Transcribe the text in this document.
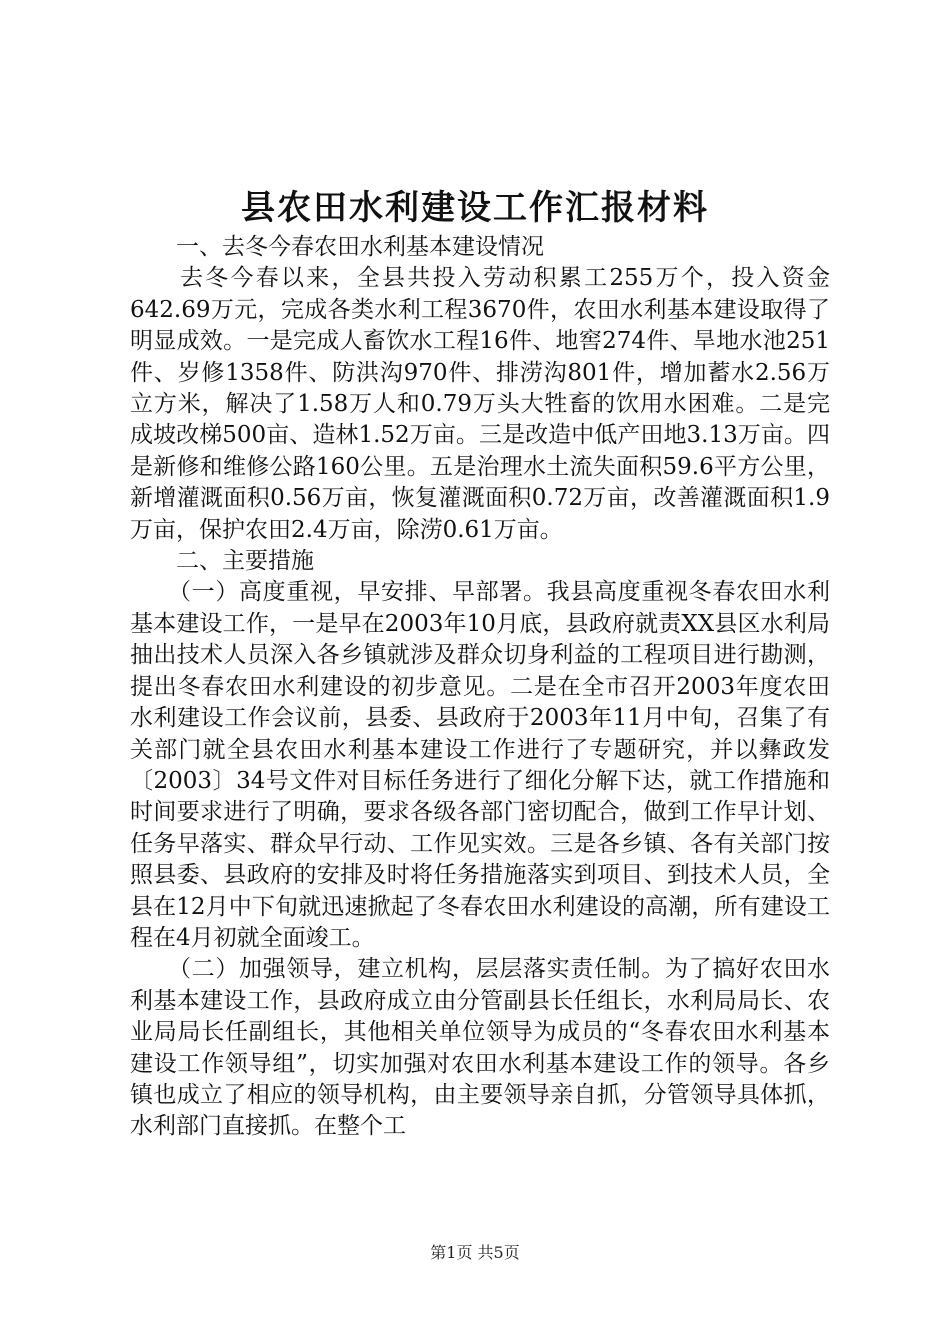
县农田水利建设工作汇报材料

一、去冬今春农田水利基本建设情况

去冬今春以来，全县共投入劳动积累工255万个，投入资金642.69万元，完成各类水利工程3670件，农田水利基本建设取得了明显成效。一是完成人畜饮水工程16件、地窖274件、旱地水池251件、岁修1358件、防洪沟970件、排涝沟801件，增加蓄水2.56万立方米，解决了1.58万人和0.79万头大牲畜的饮用水困难。二是完成坡改梯500亩、造林1.52万亩。三是改造中低产田地3.13万亩。四是新修和维修公路160公里。五是治理水土流失面积59.6平方公里，新增灌溉面积0.56万亩，恢复灌溉面积0.72万亩，改善灌溉面积1.9万亩，保护农田2.4万亩，除涝0.61万亩。

二、主要措施

（一）高度重视，早安排、早部署。我县高度重视冬春农田水利基本建设工作，一是早在2003年10月底，县政府就责XX县区水利局抽出技术人员深入各乡镇就涉及群众切身利益的工程项目进行勘测，提出冬春农田水利建设的初步意见。二是在全市召开2003年度农田水利建设工作会议前，县委、县政府于2003年11月中旬，召集了有关部门就全县农田水利基本建设工作进行了专题研究，并以彝政发〔2003〕34号文件对目标任务进行了细化分解下达，就工作措施和时间要求进行了明确，要求各级各部门密切配合，做到工作早计划、任务早落实、群众早行动、工作见实效。三是各乡镇、各有关部门按照县委、县政府的安排及时将任务措施落实到项目、到技术人员，全县在12月中下旬就迅速掀起了冬春农田水利建设的高潮，所有建设工程在4月初就全面竣工。

（二）加强领导，建立机构，层层落实责任制。为了搞好农田水利基本建设工作，县政府成立由分管副县长任组长，水利局局长、农业局局长任副组长，其他相关单位领导为成员的“冬春农田水利基本建设工作领导组”，切实加强对农田水利基本建设工作的领导。各乡镇也成立了相应的领导机构，由主要领导亲自抓，分管领导具体抓，水利部门直接抓。在整个工

第1页 共5页
